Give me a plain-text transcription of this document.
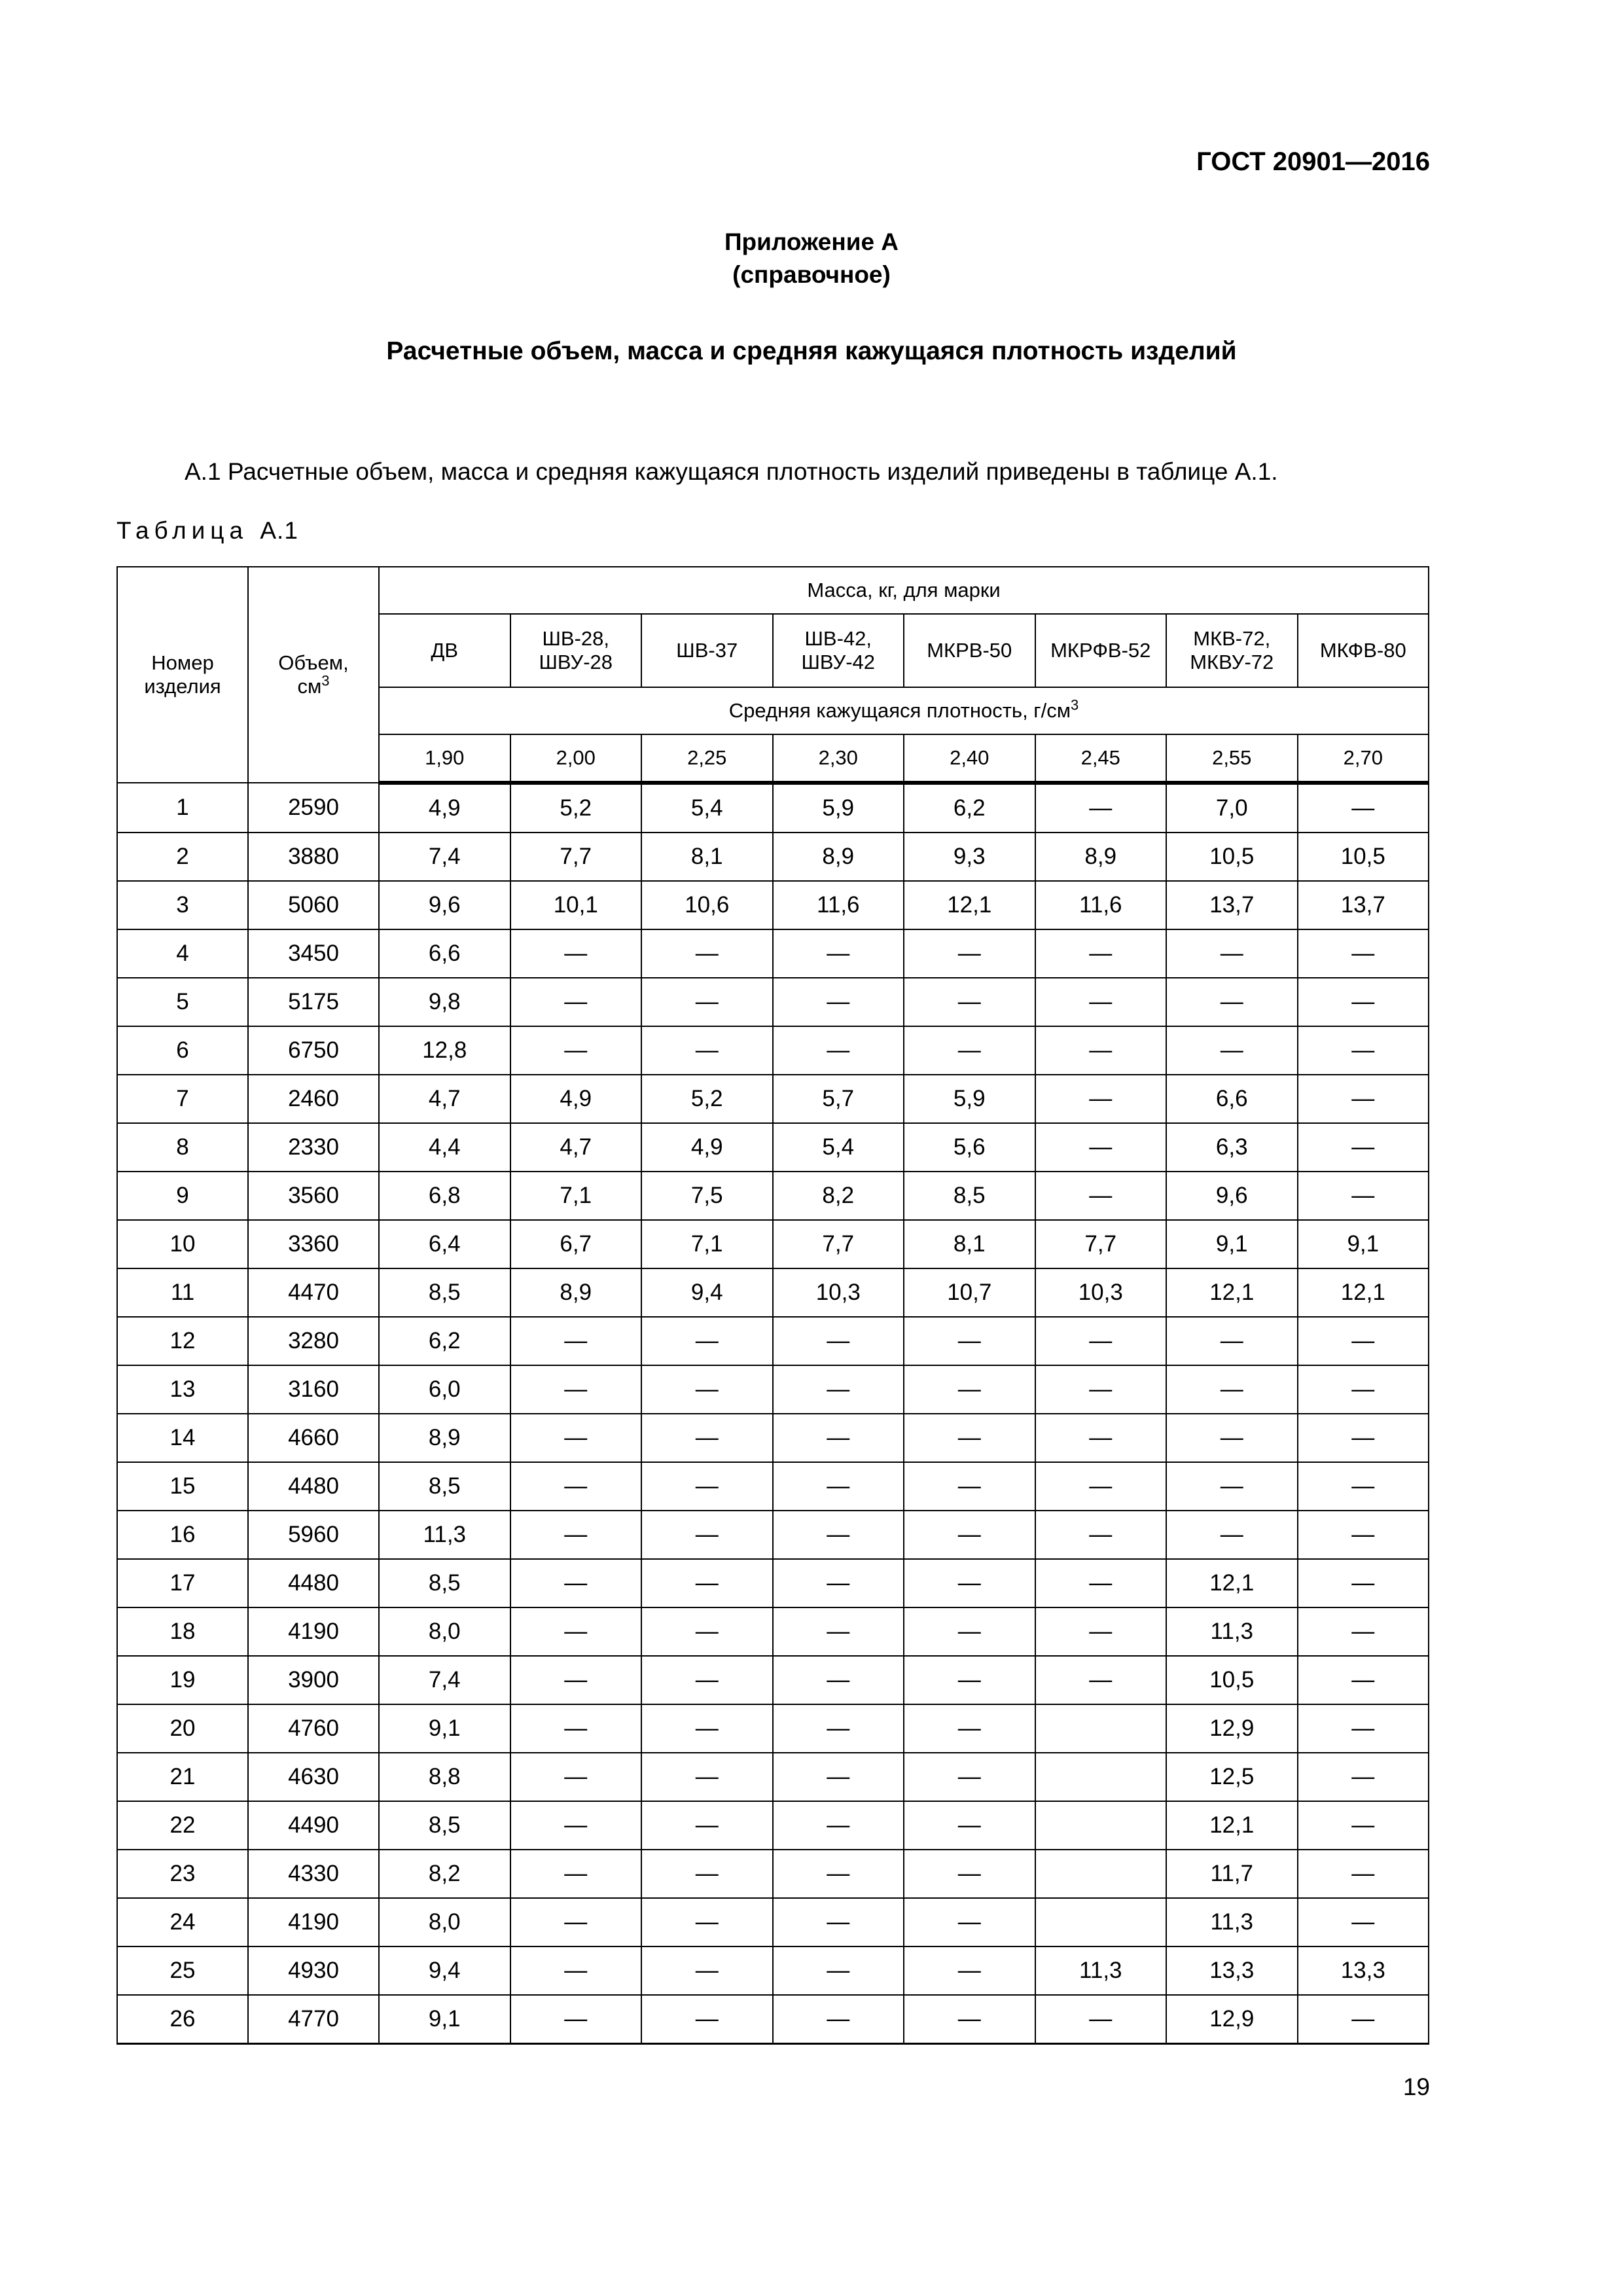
ГОСТ 20901—2016

Приложение А
(справочное)
Расчетные объем, масса и средняя кажущаяся плотность изделий

А.1 Расчетные объем, масса и средняя кажущаяся плотность изделий приведены в таблице А.1.

Таблица А.1

Номер изделия	Объем, $см^3$	Масса, кг, для марки							
		ДВ	ШВ-28, ШВУ-28	ШВ-37	ШВ-42, ШВУ-42	МКРВ-50	МКРФВ-52	МКВ-72, МКВУ-72	МКФВ-80
		Средняя кажущаяся плотность, $г/см^3$
		1,90	2,00	2,25	2,30	2,40	2,45	2,55	2,70
1	2590	4,9	5,2	5,4	5,9	6,2	—	7,0	—
2	3880	7,4	7,7	8,1	8,9	9,3	8,9	10,5	10,5
3	5060	9,6	10,1	10,6	11,6	12,1	11,6	13,7	13,7
4	3450	6,6	—	—	—	—	—	—	—
5	5175	9,8	—	—	—	—	—	—	—
6	6750	12,8	—	—	—	—	—	—	—
7	2460	4,7	4,9	5,2	5,7	5,9	—	6,6	—
8	2330	4,4	4,7	4,9	5,4	5,6	—	6,3	—
9	3560	6,8	7,1	7,5	8,2	8,5	—	9,6	—
10	3360	6,4	6,7	7,1	7,7	8,1	7,7	9,1	9,1
11	4470	8,5	8,9	9,4	10,3	10,7	10,3	12,1	12,1
12	3280	6,2	—	—	—	—	—	—	—
13	3160	6,0	—	—	—	—	—	—	—
14	4660	8,9	—	—	—	—	—	—	—
15	4480	8,5	—	—	—	—	—	—	—
16	5960	11,3	—	—	—	—	—	—	—
17	4480	8,5	—	—	—	—	—	12,1	—
18	4190	8,0	—	—	—	—	—	11,3	—
19	3900	7,4	—	—	—	—	—	10,5	—
20	4760	9,1	—	—	—	—		12,9	—
21	4630	8,8	—	—	—	—		12,5	—
22	4490	8,5	—	—	—	—		12,1	—
23	4330	8,2	—	—	—	—		11,7	—
24	4190	8,0	—	—	—	—		11,3	—
25	4930	9,4	—	—	—	—	11,3	13,3	13,3
26	4770	9,1	—	—	—	—	—	12,9	—

19
